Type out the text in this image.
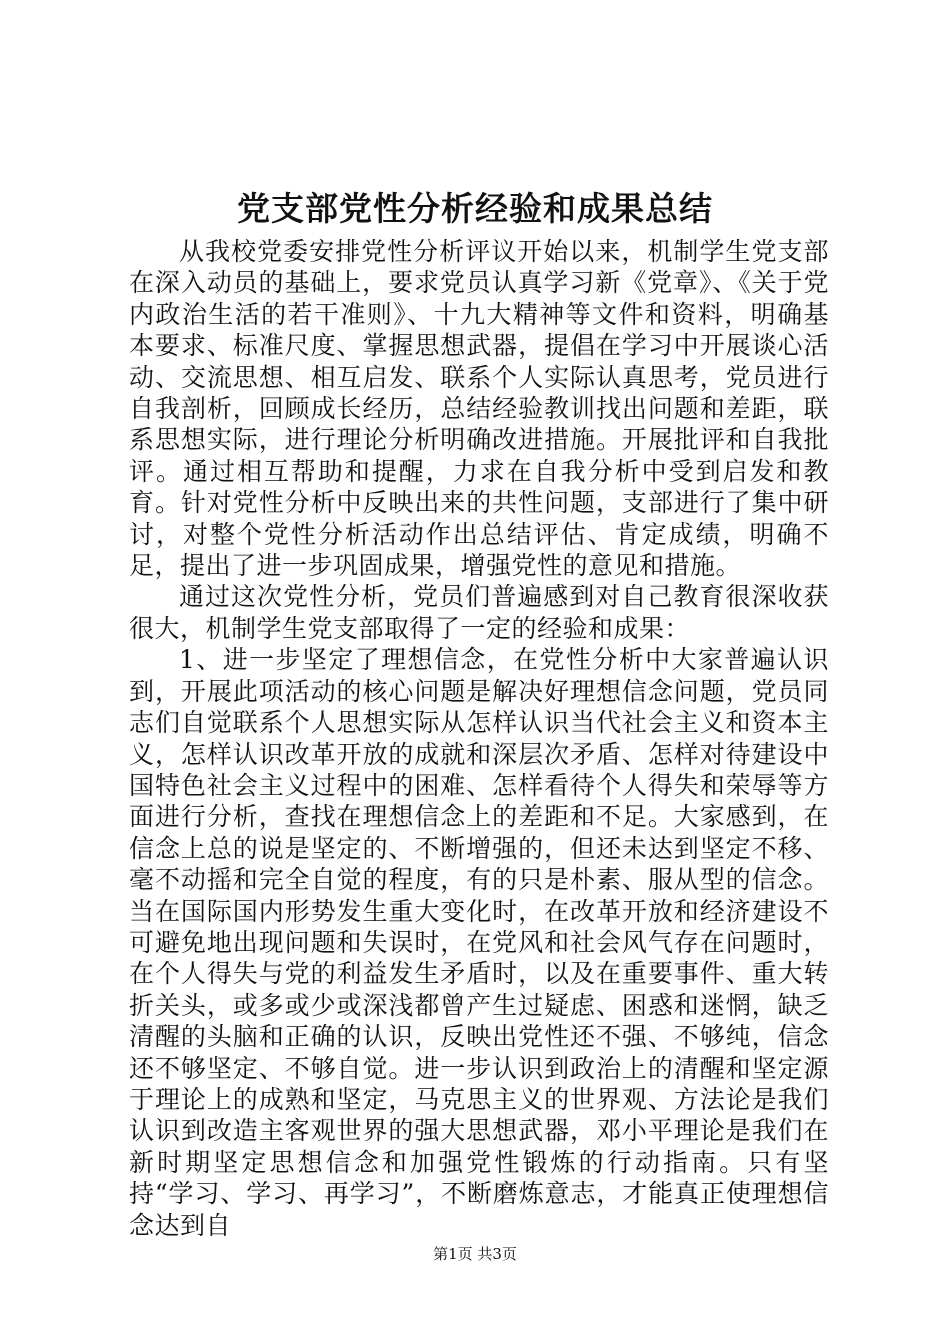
党支部党性分析经验和成果总结

从我校党委安排党性分析评议开始以来，机制学生党支部在深入动员的基础上，要求党员认真学习新《党章》、《关于党内政治生活的若干准则》、十九大精神等文件和资料，明确基本要求、标准尺度、掌握思想武器，提倡在学习中开展谈心活动、交流思想、相互启发、联系个人实际认真思考，党员进行自我剖析，回顾成长经历，总结经验教训找出问题和差距，联系思想实际，进行理论分析明确改进措施。开展批评和自我批评。通过相互帮助和提醒，力求在自我分析中受到启发和教育。针对党性分析中反映出来的共性问题，支部进行了集中研讨，对整个党性分析活动作出总结评估、肯定成绩，明确不足，提出了进一步巩固成果，增强党性的意见和措施。

通过这次党性分析，党员们普遍感到对自己教育很深收获很大，机制学生党支部取得了一定的经验和成果：

1、进一步坚定了理想信念，在党性分析中大家普遍认识到，开展此项活动的核心问题是解决好理想信念问题，党员同志们自觉联系个人思想实际从怎样认识当代社会主义和资本主义，怎样认识改革开放的成就和深层次矛盾、怎样对待建设中国特色社会主义过程中的困难、怎样看待个人得失和荣辱等方面进行分析，查找在理想信念上的差距和不足。大家感到，在信念上总的说是坚定的、不断增强的，但还未达到坚定不移、毫不动摇和完全自觉的程度，有的只是朴素、服从型的信念。当在国际国内形势发生重大变化时，在改革开放和经济建设不可避免地出现问题和失误时，在党风和社会风气存在问题时，在个人得失与党的利益发生矛盾时，以及在重要事件、重大转折关头，或多或少或深浅都曾产生过疑虑、困惑和迷惘，缺乏清醒的头脑和正确的认识，反映出党性还不强、不够纯，信念还不够坚定、不够自觉。进一步认识到政治上的清醒和坚定源于理论上的成熟和坚定，马克思主义的世界观、方法论是我们认识到改造主客观世界的强大思想武器，邓小平理论是我们在新时期坚定思想信念和加强党性锻炼的行动指南。只有坚持“学习、学习、再学习”，不断磨炼意志，才能真正使理想信念达到自

第1页 共3页
